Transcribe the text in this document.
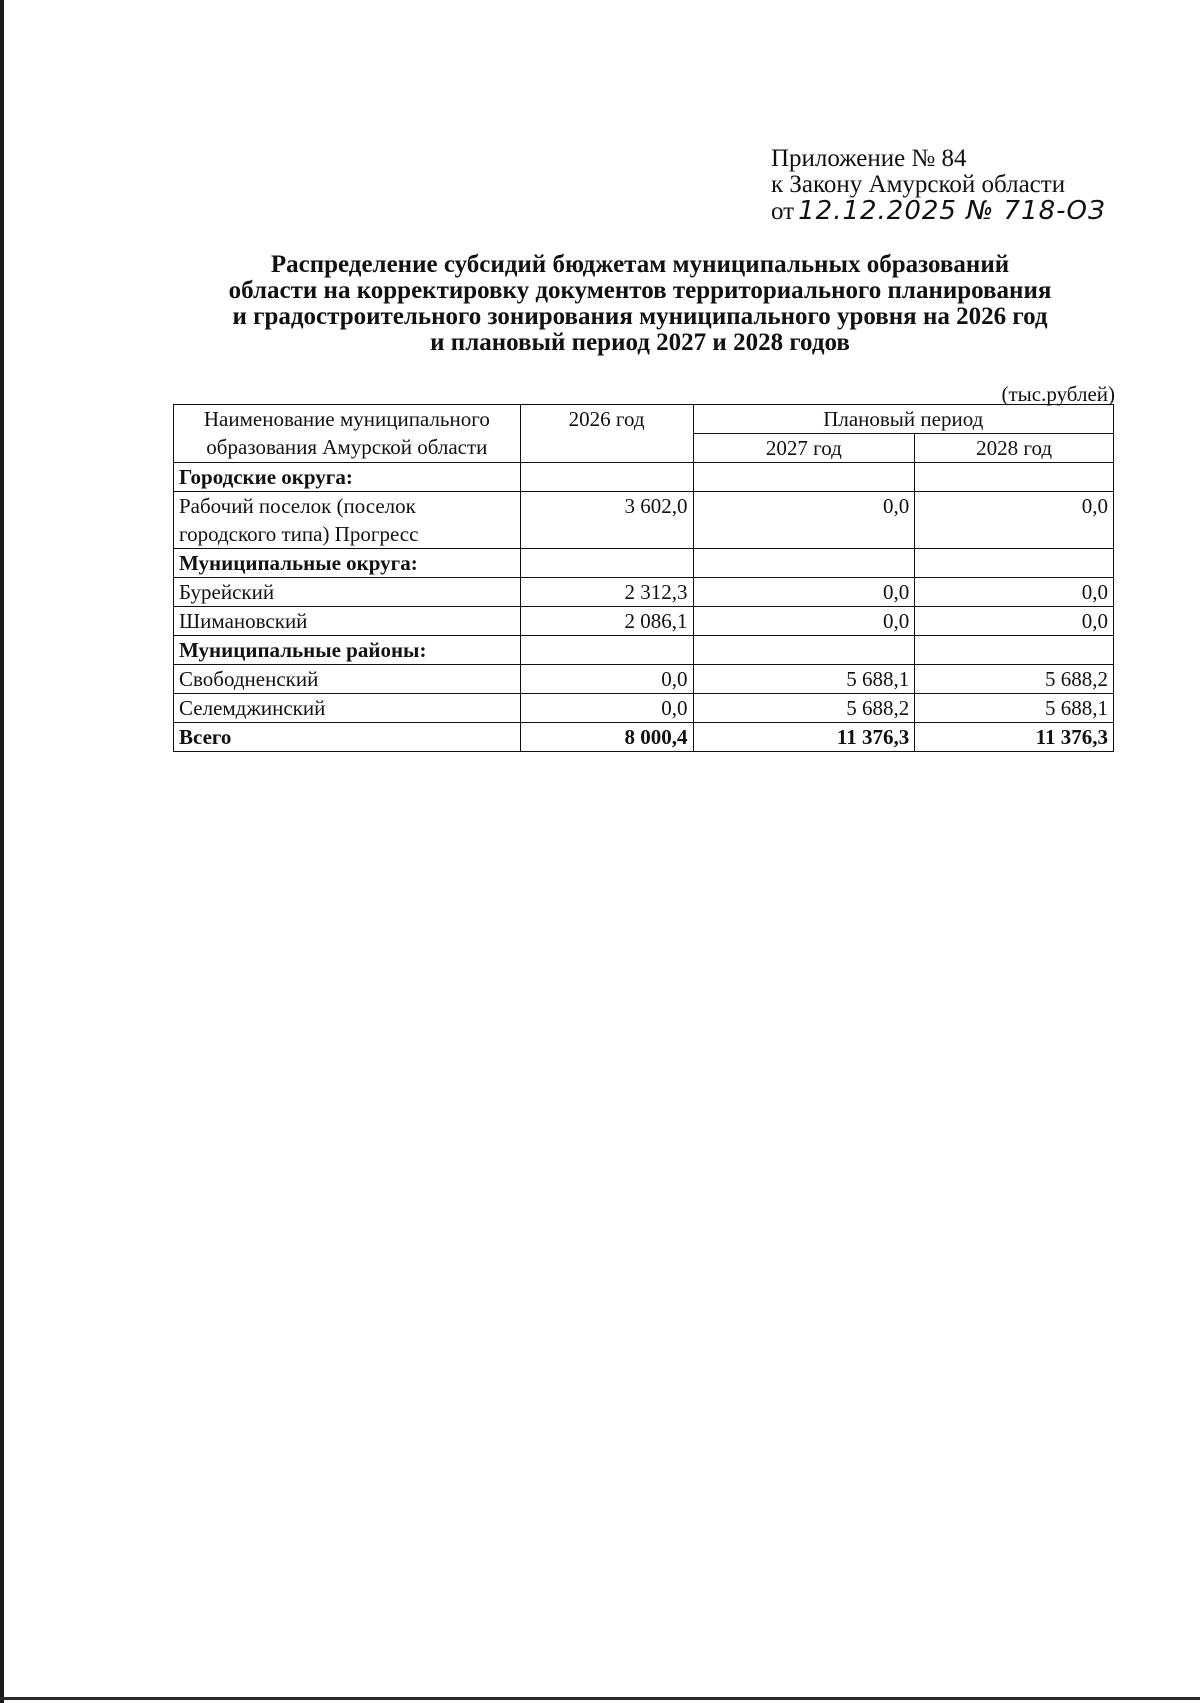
Приложение № 84
к Закону Амурской области
от 12.12.2025 № 718-ОЗ
Распределение субсидий бюджетам муниципальных образований
области на корректировку документов территориального планирования
и градостроительного зонирования муниципального уровня на 2026 год
и плановый период 2027 и 2028 годов
(тыс.рублей)
Наименование муниципального образования Амурской области	2026 год	Плановый период	
		2027 год	2028 год
Городские округа:			
Рабочий поселок (поселок городского типа) Прогресс	3 602,0	0,0	0,0
Муниципальные округа:			
Бурейский	2 312,3	0,0	0,0
Шимановский	2 086,1	0,0	0,0
Муниципальные районы:			
Свободненский	0,0	5 688,1	5 688,2
Селемджинский	0,0	5 688,2	5 688,1
Всего	8 000,4	11 376,3	11 376,3
